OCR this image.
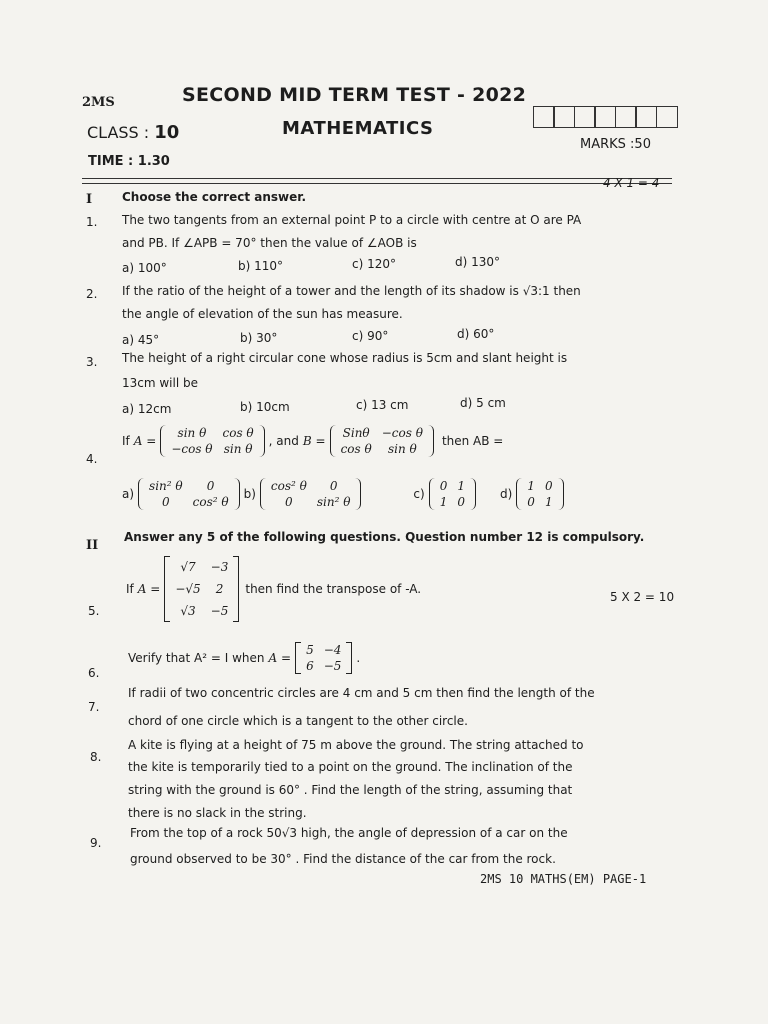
2MS	SECOND MID TERM TEST - 2022
CLASS : 10	MATHEMATICS
MARKS :50
TIME : 1.30
I Choose the correct answer.
4 X 1 = 4
1. The two tangents from an external point P to a circle with centre at O are PA
and PB. If ∠APB = 70° then the value of ∠AOB is
a) 100°	b) 110°	c) 120°	d) 130°
2. If the ratio of the height of a tower and the length of its shadow is √3:1 then
the angle of elevation of the sun has measure.
a) 45°	b) 30°	c) 90°	d) 60°
3. The height of a right circular cone whose radius is 5cm and slant height is
13cm will be
a) 12cm	b) 10cm	c) 13 cm	d) 5 cm
4.
If A =
sin θ	cos θ
−cos θ	sin θ
, and B =
Sinθ	−cos θ
cos θ	sin θ
then AB =
a)
sin² θ	0
0	cos² θ
b)
cos² θ	0
0	sin² θ
c)
0	1
1	0
d)
1	0
0	1
II
Answer any 5 of the following questions. Question number 12 is compulsory.
5.
If A =
√7	−3
−√5	2
√3	−5
then find the transpose of -A.
5 X 2 = 10
6.
Verify that A² = I when A =
5	−4
6	−5
.
7.
If radii of two concentric circles are 4 cm and 5 cm then find the length of the
chord of one circle which is a tangent to the other circle.
8.
A kite is flying at a height of 75 m above the ground. The string attached to
the kite is temporarily tied to a point on the ground. The inclination of the
string with the ground is 60° . Find the length of the string, assuming that
there is no slack in the string.
9.
From the top of a rock 50√3 high, the angle of depression of a car on the
ground observed to be 30° . Find the distance of the car from the rock.
2MS 10 MATHS(EM) PAGE-1
